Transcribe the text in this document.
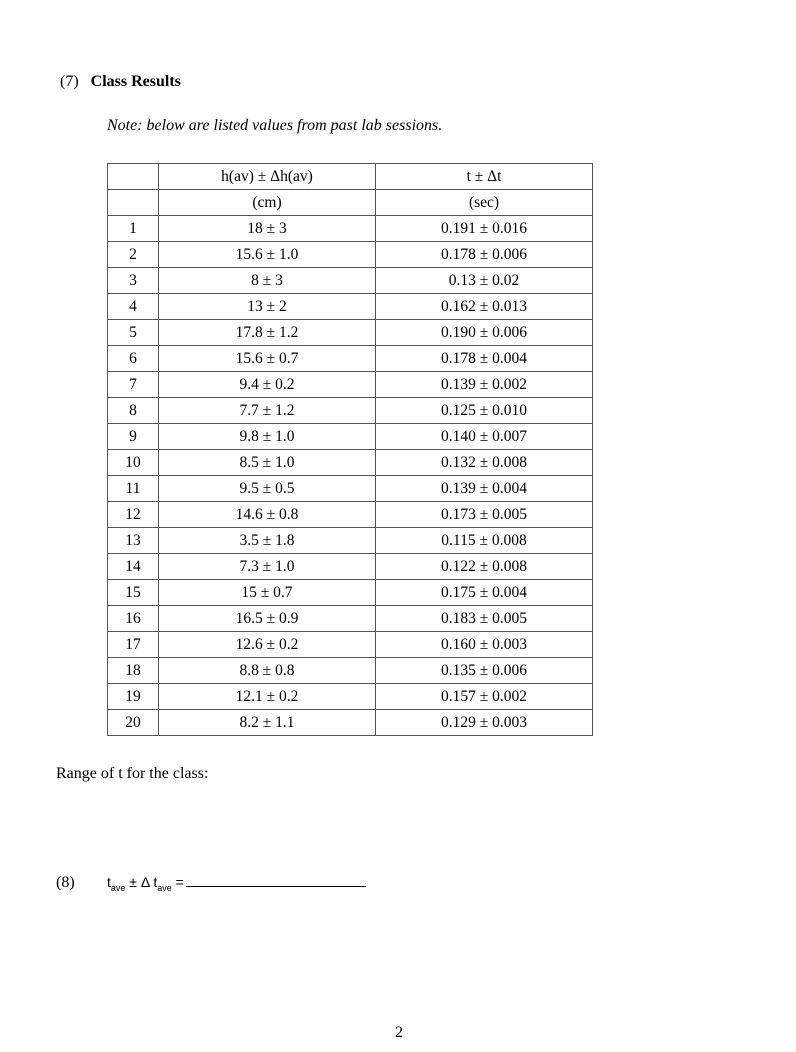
(7) Class Results
Note: below are listed values from past lab sessions.
	h(av) ± Δh(av)	t ± Δt
	(cm)	(sec)
1	18 ± 3	0.191 ± 0.016
2	15.6 ± 1.0	0.178 ± 0.006
3	8 ± 3	0.13 ± 0.02
4	13 ± 2	0.162 ± 0.013
5	17.8 ± 1.2	0.190 ± 0.006
6	15.6 ± 0.7	0.178 ± 0.004
7	9.4 ± 0.2	0.139 ± 0.002
8	7.7 ± 1.2	0.125 ± 0.010
9	9.8 ± 1.0	0.140 ± 0.007
10	8.5 ± 1.0	0.132 ± 0.008
11	9.5 ± 0.5	0.139 ± 0.004
12	14.6 ± 0.8	0.173 ± 0.005
13	3.5 ± 1.8	0.115 ± 0.008
14	7.3 ± 1.0	0.122 ± 0.008
15	15 ± 0.7	0.175 ± 0.004
16	16.5 ± 0.9	0.183 ± 0.005
17	12.6 ± 0.2	0.160 ± 0.003
18	8.8 ± 0.8	0.135 ± 0.006
19	12.1 ± 0.2	0.157 ± 0.002
20	8.2 ± 1.1	0.129 ± 0.003
Range of t for the class:
(8)	$t_{ave} \pm \Delta$ $t_{ave}$ =
2
